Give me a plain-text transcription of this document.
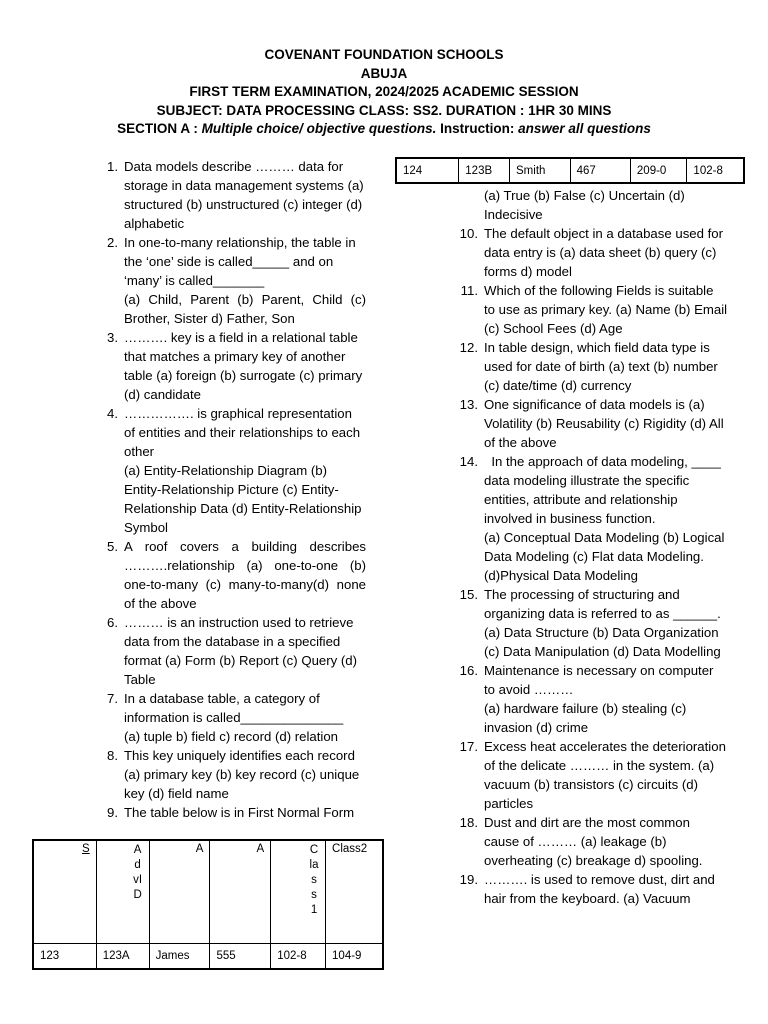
COVENANT FOUNDATION SCHOOLS
ABUJA
FIRST TERM EXAMINATION, 2024/2025 ACADEMIC SESSION
SUBJECT: DATA PROCESSING CLASS: SS2. DURATION : 1HR 30 MINS
SECTION A : Multiple choice/ objective questions. Instruction: answer all questions
1. Data models describe ……… data for storage in data management systems (a) structured (b) unstructured (c) integer (d) alphabetic
2. In one-to-many relationship, the table in the ‘one’ side is called_____ and on ‘many’ is called_______
(a) Child, Parent (b) Parent, Child (c) Brother, Sister d) Father, Son
3. ………. key is a field in a relational table that matches a primary key of another table (a) foreign (b) surrogate (c) primary (d) candidate
4. ……………. is graphical representation of entities and their relationships to each other
(a) Entity-Relationship Diagram (b) Entity-Relationship Picture (c) Entity-Relationship Data (d) Entity-Relationship Symbol
5. A roof covers a building describes ……….relationship (a) one-to-one (b) one-to-many (c) many-to-many(d) none of the above
6. ……… is an instruction used to retrieve data from the database in a specified format (a) Form (b) Report (c) Query (d) Table
7. In a database table, a category of information is called______________
(a) tuple b) field c) record (d) relation
8. This key uniquely identifies each record (a) primary key (b) key record (c) unique key (d) field name
9. The table below is in First Normal Form
S	AdvID	A	A	Class1	Class2
123	123A	James	555	102-8	104-9
124	123B	Smith	467	209-0	102-8
(a) True (b) False (c) Uncertain (d) Indecisive
10. The default object in a database used for data entry is (a) data sheet (b) query (c) forms d) model
11. Which of the following Fields is suitable to use as primary key. (a) Name (b) Email (c) School Fees (d) Age
12. In table design, which field data type is used for date of birth (a) text (b) number (c) date/time (d) currency
13. One significance of data models is (a) Volatility (b) Reusability (c) Rigidity (d) All of the above
14. In the approach of data modeling, ____ data modeling illustrate the specific entities, attribute and relationship involved in business function.
(a) Conceptual Data Modeling (b) Logical Data Modeling (c) Flat data Modeling. (d)Physical Data Modeling
15. The processing of structuring and organizing data is referred to as ______.
(a) Data Structure (b) Data Organization (c) Data Manipulation (d) Data Modelling
16. Maintenance is necessary on computer to avoid ………
(a) hardware failure (b) stealing (c) invasion (d) crime
17. Excess heat accelerates the deterioration of the delicate ……… in the system. (a) vacuum (b) transistors (c) circuits (d) particles
18. Dust and dirt are the most common cause of ……… (a) leakage (b) overheating (c) breakage d) spooling.
19. ………. is used to remove dust, dirt and hair from the keyboard. (a) Vacuum
